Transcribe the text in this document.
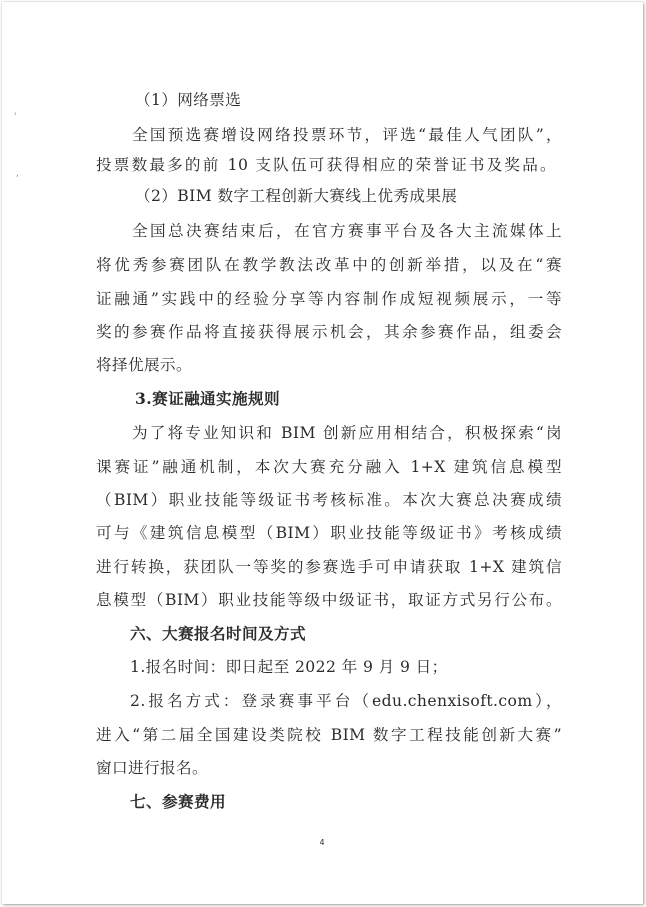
'
,
（1）网络票选
全国预选赛增设网络投票环节，评选“最佳人气团队”，
投票数最多的前 10 支队伍可获得相应的荣誉证书及奖品。
（2）BIM 数字工程创新大赛线上优秀成果展
全国总决赛结束后，在官方赛事平台及各大主流媒体上
将优秀参赛团队在教学教法改革中的创新举措，以及在“赛
证融通”实践中的经验分享等内容制作成短视频展示，一等
奖的参赛作品将直接获得展示机会，其余参赛作品，组委会
将择优展示。
3.赛证融通实施规则
为了将专业知识和 BIM 创新应用相结合，积极探索“岗
课赛证”融通机制，本次大赛充分融入 1+X 建筑信息模型
（BIM）职业技能等级证书考核标准。本次大赛总决赛成绩
可与《建筑信息模型（BIM）职业技能等级证书》考核成绩
进行转换，获团队一等奖的参赛选手可申请获取 1+X 建筑信
息模型（BIM）职业技能等级中级证书，取证方式另行公布。
六、大赛报名时间及方式
1.报名时间：即日起至 2022 年 9 月 9 日；
2.报名方式：登录赛事平台（edu.chenxisoft.com），
进入“第二届全国建设类院校 BIM 数字工程技能创新大赛”
窗口进行报名。
七、参赛费用
4
